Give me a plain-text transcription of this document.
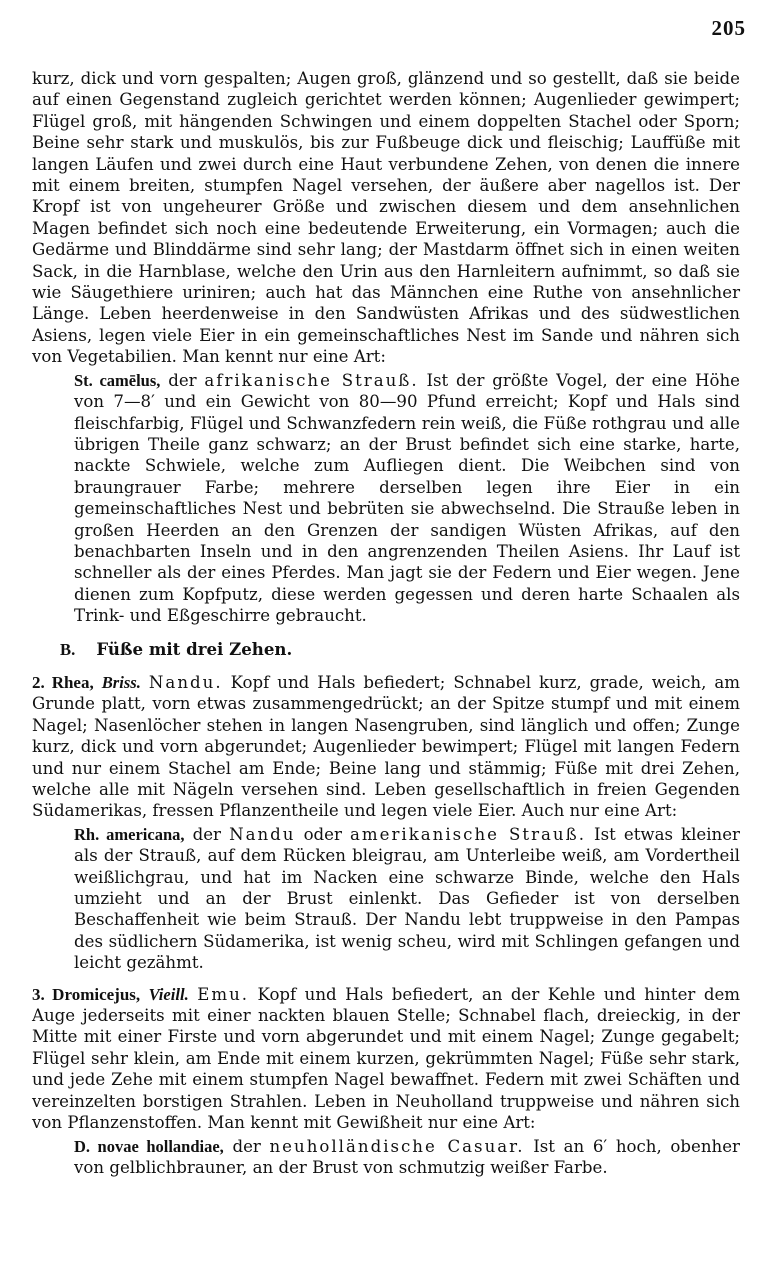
205

kurz, dick und vorn gespalten; Augen groß, glänzend und so gestellt, daß sie beide auf einen Gegenstand zugleich gerichtet werden können; Augenlieder gewimpert; Flügel groß, mit hängenden Schwingen und einem doppelten Stachel oder Sporn; Beine sehr stark und muskulös, bis zur Fußbeuge dick und fleischig; Lauffüße mit langen Läufen und zwei durch eine Haut verbundene Zehen, von denen die innere mit einem breiten, stumpfen Nagel versehen, der äußere aber nagellos ist. Der Kropf ist von ungeheurer Größe und zwischen diesem und dem ansehnlichen Magen befindet sich noch eine bedeutende Erweiterung, ein Vormagen; auch die Gedärme und Blinddärme sind sehr lang; der Mastdarm öffnet sich in einen weiten Sack, in die Harnblase, welche den Urin aus den Harnleitern aufnimmt, so daß sie wie Säugethiere uriniren; auch hat das Männchen eine Ruthe von ansehnlicher Länge. Leben heerdenweise in den Sandwüsten Afrikas und des südwestlichen Asiens, legen viele Eier in ein gemeinschaftliches Nest im Sande und nähren sich von Vegetabilien. Man kennt nur eine Art:

St. camēlus, der afrikanische Strauß. Ist der größte Vogel, der eine Höhe von 7—8′ und ein Gewicht von 80—90 Pfund erreicht; Kopf und Hals sind fleischfarbig, Flügel und Schwanzfedern rein weiß, die Füße rothgrau und alle übrigen Theile ganz schwarz; an der Brust befindet sich eine starke, harte, nackte Schwiele, welche zum Aufliegen dient. Die Weibchen sind von braungrauer Farbe; mehrere derselben legen ihre Eier in ein gemeinschaftliches Nest und bebrüten sie abwechselnd. Die Strauße leben in großen Heerden an den Grenzen der sandigen Wüsten Afrikas, auf den benachbarten Inseln und in den angrenzenden Theilen Asiens. Ihr Lauf ist schneller als der eines Pferdes. Man jagt sie der Federn und Eier wegen. Jene dienen zum Kopfputz, diese werden gegessen und deren harte Schaalen als Trink- und Eßgeschirre gebraucht.

B. Füße mit drei Zehen.

2. Rhea, Briss. Nandu. Kopf und Hals befiedert; Schnabel kurz, grade, weich, am Grunde platt, vorn etwas zusammengedrückt; an der Spitze stumpf und mit einem Nagel; Nasenlöcher stehen in langen Nasengruben, sind länglich und offen; Zunge kurz, dick und vorn abgerundet; Augenlieder bewimpert; Flügel mit langen Federn und nur einem Stachel am Ende; Beine lang und stämmig; Füße mit drei Zehen, welche alle mit Nägeln versehen sind. Leben gesellschaftlich in freien Gegenden Südamerikas, fressen Pflanzentheile und legen viele Eier. Auch nur eine Art:

Rh. americana, der Nandu oder amerikanische Strauß. Ist etwas kleiner als der Strauß, auf dem Rücken bleigrau, am Unterleibe weiß, am Vordertheil weißlichgrau, und hat im Nacken eine schwarze Binde, welche den Hals umzieht und an der Brust einlenkt. Das Gefieder ist von derselben Beschaffenheit wie beim Strauß. Der Nandu lebt truppweise in den Pampas des südlichern Südamerika, ist wenig scheu, wird mit Schlingen gefangen und leicht gezähmt.

3. Dromicejus, Vieill. Emu. Kopf und Hals befiedert, an der Kehle und hinter dem Auge jederseits mit einer nackten blauen Stelle; Schnabel flach, dreieckig, in der Mitte mit einer Firste und vorn abgerundet und mit einem Nagel; Zunge gegabelt; Flügel sehr klein, am Ende mit einem kurzen, gekrümmten Nagel; Füße sehr stark, und jede Zehe mit einem stumpfen Nagel bewaffnet. Federn mit zwei Schäften und vereinzelten borstigen Strahlen. Leben in Neuholland truppweise und nähren sich von Pflanzenstoffen. Man kennt mit Gewißheit nur eine Art:

D. novae hollandiae, der neuholländische Casuar. Ist an 6′ hoch, obenher von gelblichbrauner, an der Brust von schmutzig weißer Farbe.
